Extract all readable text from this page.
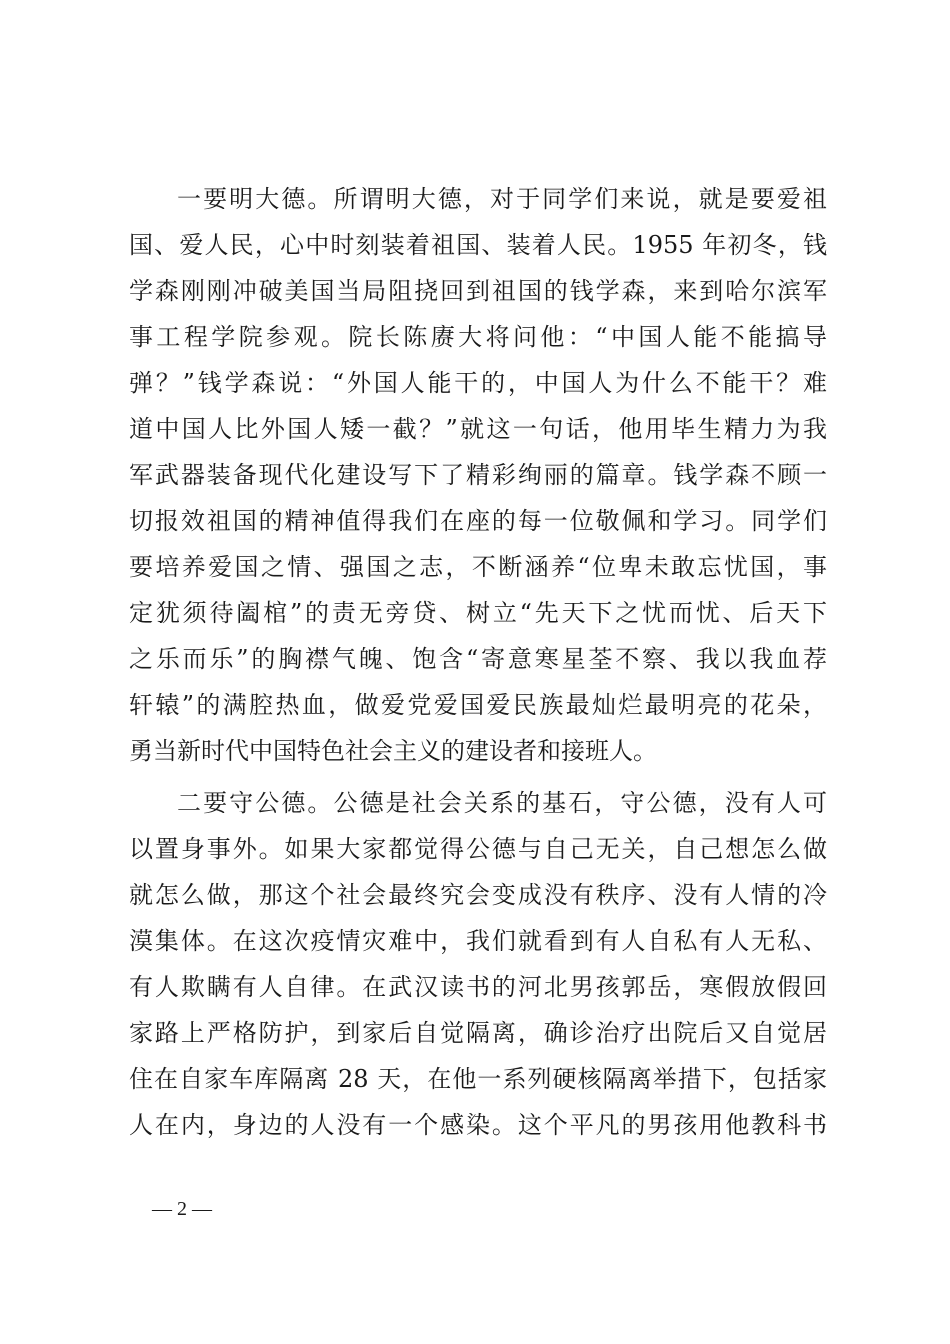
一要明大德。所谓明大德，对于同学们来说，就是要爱祖
国、爱人民，心中时刻装着祖国、装着人民。1955 年初冬，钱
学森刚刚冲破美国当局阻挠回到祖国的钱学森，来到哈尔滨军
事工程学院参观。院长陈赓大将问他：“中国人能不能搞导
弹？”钱学森说：“外国人能干的，中国人为什么不能干？难
道中国人比外国人矮一截？”就这一句话，他用毕生精力为我
军武器装备现代化建设写下了精彩绚丽的篇章。钱学森不顾一
切报效祖国的精神值得我们在座的每一位敬佩和学习。同学们
要培养爱国之情、强国之志，不断涵养“位卑未敢忘忧国，事
定犹须待阖棺”的责无旁贷、树立“先天下之忧而忧、后天下
之乐而乐”的胸襟气魄、饱含“寄意寒星荃不察、我以我血荐
轩辕”的满腔热血，做爱党爱国爱民族最灿烂最明亮的花朵，
勇当新时代中国特色社会主义的建设者和接班人。
二要守公德。公德是社会关系的基石，守公德，没有人可
以置身事外。如果大家都觉得公德与自己无关，自己想怎么做
就怎么做，那这个社会最终究会变成没有秩序、没有人情的冷
漠集体。在这次疫情灾难中，我们就看到有人自私有人无私、
有人欺瞒有人自律。在武汉读书的河北男孩郭岳，寒假放假回
家路上严格防护，到家后自觉隔离，确诊治疗出院后又自觉居
住在自家车库隔离 28 天，在他一系列硬核隔离举措下，包括家
人在内，身边的人没有一个感染。这个平凡的男孩用他教科书
— 2 —
